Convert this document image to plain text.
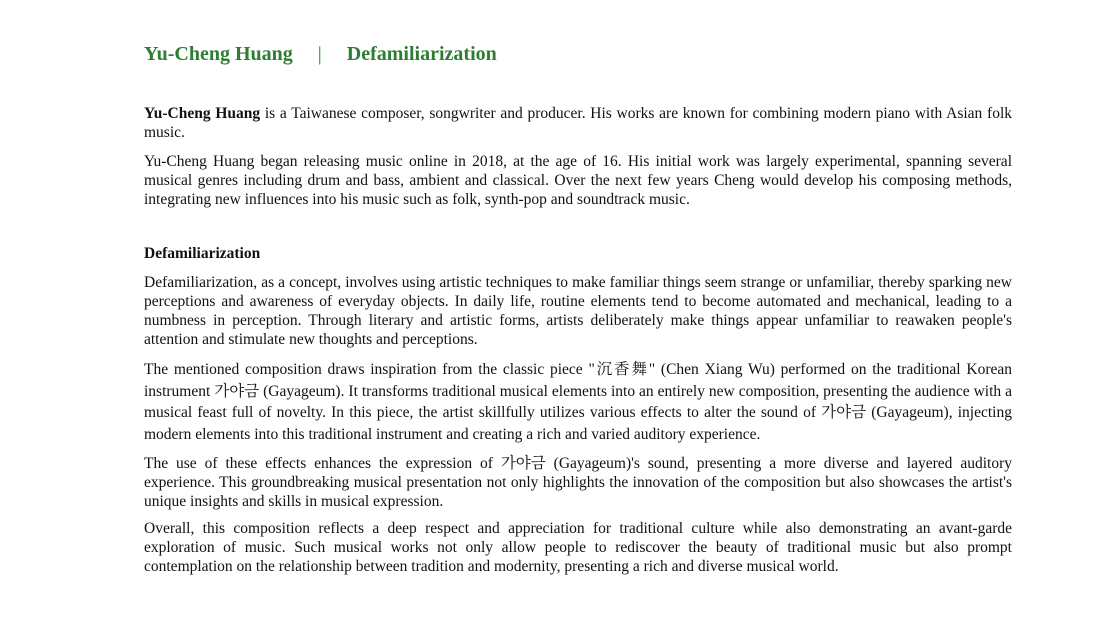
Yu-Cheng Huang | Defamiliarization

Yu-Cheng Huang is a Taiwanese composer, songwriter and producer. His works are known for combining modern piano with Asian folk music.

Yu-Cheng Huang began releasing music online in 2018, at the age of 16. His initial work was largely experimental, spanning several musical genres including drum and bass, ambient and classical. Over the next few years Cheng would develop his composing methods, integrating new influences into his music such as folk, synth-pop and soundtrack music.

Defamiliarization

Defamiliarization, as a concept, involves using artistic techniques to make familiar things seem strange or unfamiliar, thereby sparking new perceptions and awareness of everyday objects. In daily life, routine elements tend to become automated and mechanical, leading to a numbness in perception. Through literary and artistic forms, artists deliberately make things appear unfamiliar to reawaken people's attention and stimulate new thoughts and perceptions.

The mentioned composition draws inspiration from the classic piece "沉香舞" (Chen Xiang Wu) performed on the traditional Korean instrument 가야금 (Gayageum). It transforms traditional musical elements into an entirely new composition, presenting the audience with a musical feast full of novelty. In this piece, the artist skillfully utilizes various effects to alter the sound of 가야금 (Gayageum), injecting modern elements into this traditional instrument and creating a rich and varied auditory experience.

The use of these effects enhances the expression of 가야금 (Gayageum)'s sound, presenting a more diverse and layered auditory experience. This groundbreaking musical presentation not only highlights the innovation of the composition but also showcases the artist's unique insights and skills in musical expression.

Overall, this composition reflects a deep respect and appreciation for traditional culture while also demonstrating an avant-garde exploration of music. Such musical works not only allow people to rediscover the beauty of traditional music but also prompt contemplation on the relationship between tradition and modernity, presenting a rich and diverse musical world.
